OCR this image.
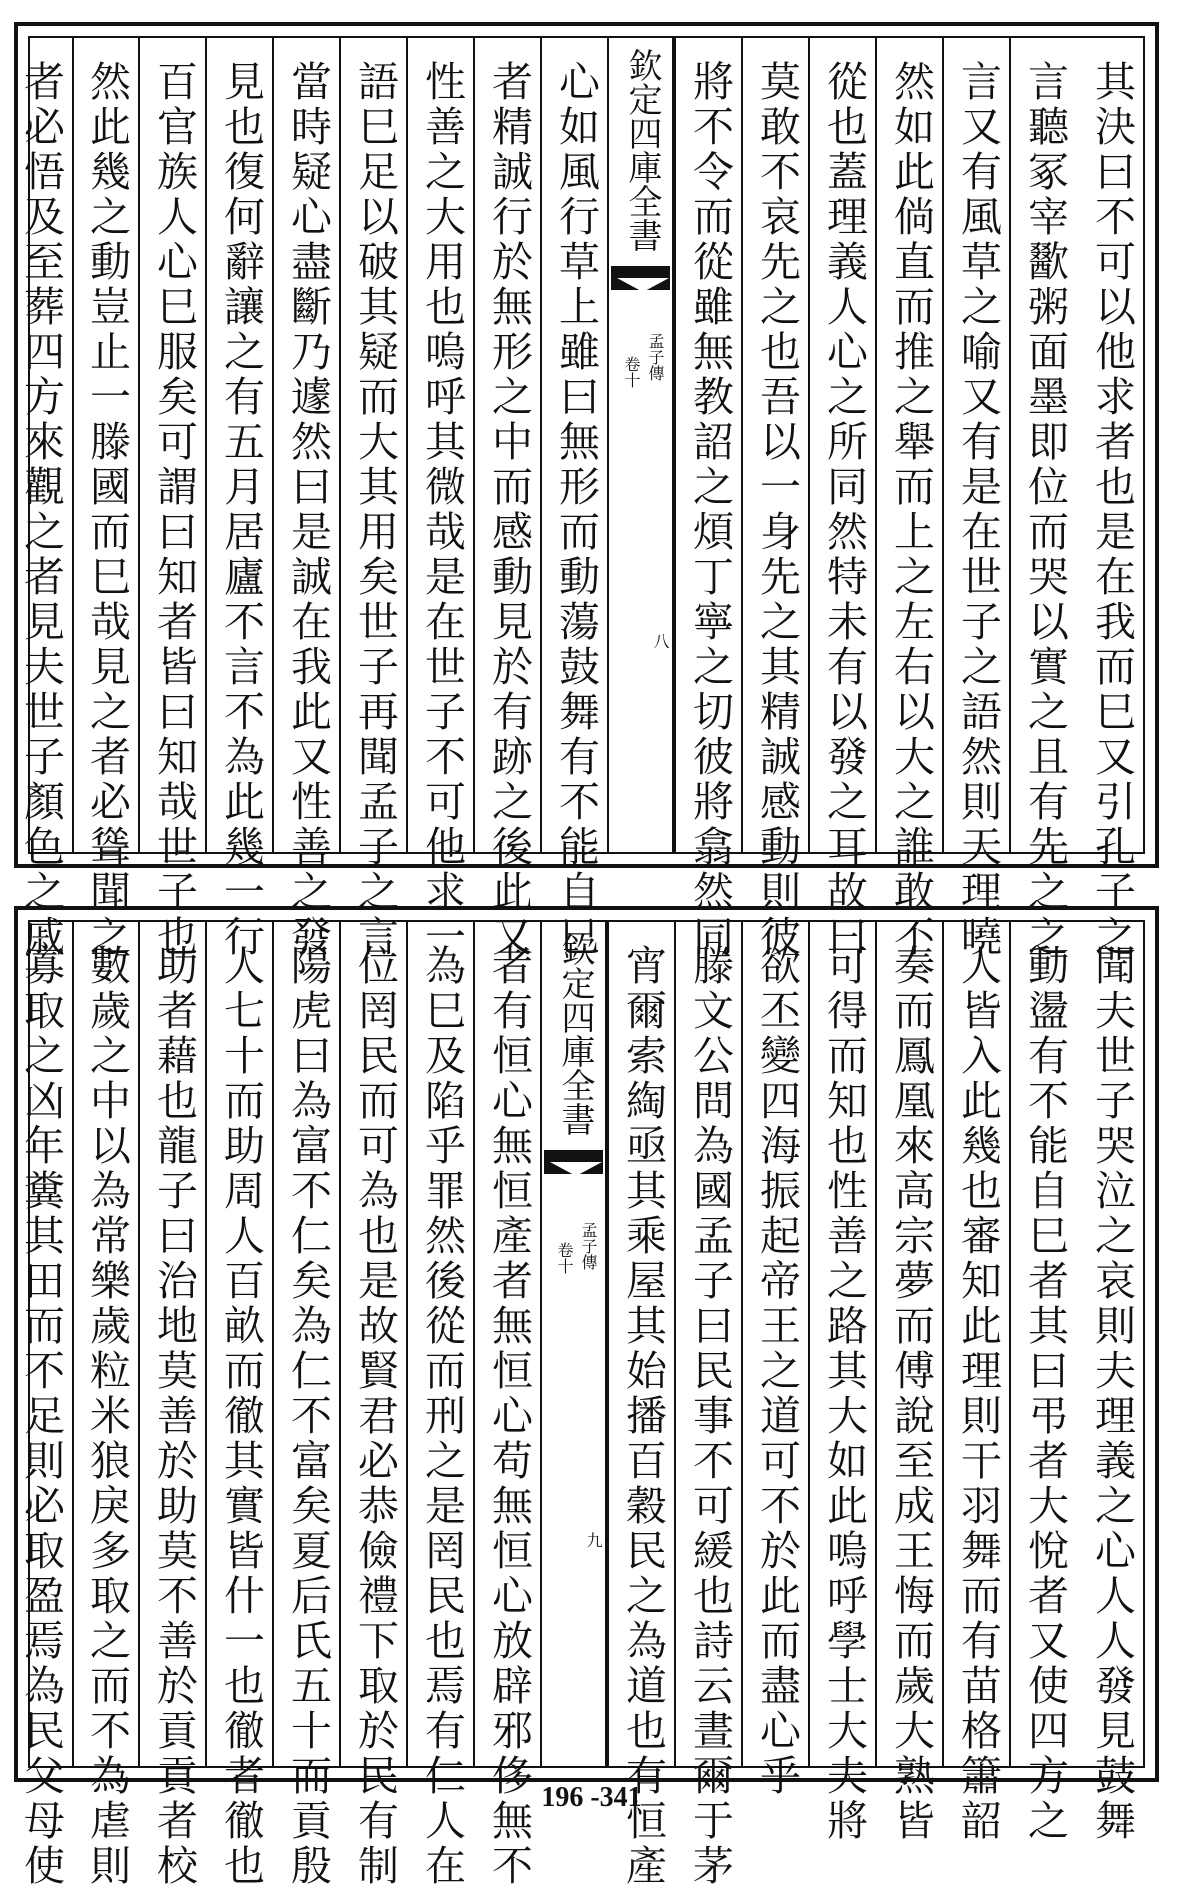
其決曰不可以他求者也是在我而巳又引孔子之
言聽冢宰歠粥面墨即位而哭以實之且有先之之
言又有風草之喻又有是在世子之語然則天理曉
然如此倘直而推之舉而上之左右以大之誰敢不
從也蓋理義人心之所同然特未有以發之耳故曰
莫敢不哀先之也吾以一身先之其精誠感動則彼
將不令而從雖無教詔之煩丁寧之切彼將翕然同
欽定四庫全書
孟子傳
卷十
八
心如風行草上雖曰無形而動蕩鼓舞有不能自巳
者精誠行於無形之中而感動見於有跡之後此又
性善之大用也嗚呼其微哉是在世子不可他求一
語巳足以破其疑而大其用矣世子再聞孟子之言
當時疑心盡斷乃遽然曰是誠在我此又性善之發
見也復何辭讓之有五月居廬不言不為此幾一行
百官族人心巳服矣可謂曰知者皆曰知哉世子也
然此幾之動豈止一滕國而巳哉見之者必聳聞之
者必悟及至葬四方來觀之者見夫世子顏色之戚
聞夫世子哭泣之哀則夫理義之心人人發見鼓舞
動盪有不能自巳者其曰弔者大悅者又使四方之
人皆入此幾也審知此理則干羽舞而有苗格簫韶
奏而鳳凰來高宗夢而傅說至成王悔而歲大熟皆
可得而知也性善之路其大如此嗚呼學士大夫將
欲丕變四海振起帝王之道可不於此而盡心乎
滕文公問為國孟子曰民事不可緩也詩云晝爾于茅
宵爾索綯亟其乘屋其始播百穀民之為道也有恒產
欽定四庫全書
孟子傳
卷十
九
者有恒心無恒產者無恒心苟無恒心放辟邪侈無不
為巳及陷乎罪然後從而刑之是罔民也焉有仁人在
位罔民而可為也是故賢君必恭儉禮下取於民有制
陽虎曰為富不仁矣為仁不富矣夏后氏五十而貢殷
人七十而助周人百畝而徹其實皆什一也徹者徹也
助者藉也龍子曰治地莫善於助莫不善於貢貢者校
數歲之中以為常樂歲粒米狼戾多取之而不為虐則
寡取之凶年糞其田而不足則必取盈焉為民父母使	196 -341
